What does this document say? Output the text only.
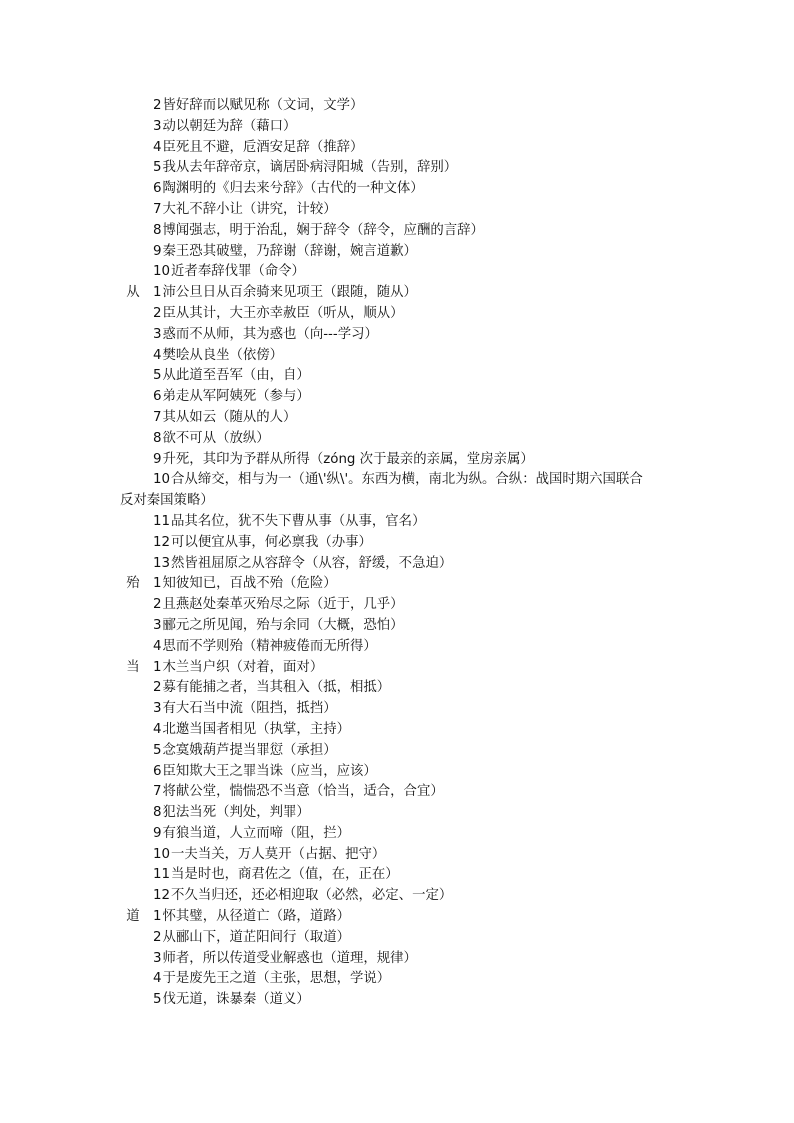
2皆好辞而以赋见称（文词，文学）
3动以朝廷为辞（藉口）
4臣死且不避，卮酒安足辞（推辞）
5我从去年辞帝京，谪居卧病浔阳城（告别，辞别）
6陶渊明的《归去来兮辞》（古代的一种文体）
7大礼不辞小让（讲究，计较）
8博闻强志，明于治乱，娴于辞令（辞令，应酬的言辞）
9秦王恐其破璧，乃辞谢（辞谢，婉言道歉）
10近者奉辞伐罪（命令）
从 1沛公旦日从百余骑来见项王（跟随，随从）
2臣从其计，大王亦幸赦臣（听从，顺从）
3惑而不从师，其为惑也（向---学习）
4樊哙从良坐（依傍）
5从此道至吾军（由，自）
6弟走从军阿姨死（参与）
7其从如云（随从的人）
8欲不可从（放纵）
9升死，其印为予群从所得（zóng 次于最亲的亲属，堂房亲属）
10合从缔交，相与为一（通\'纵\'。东西为横，南北为纵。合纵：战国时期六国联合
反对秦国策略）
11品其名位，犹不失下曹从事（从事，官名）
12可以便宜从事，何必禀我（办事）
13然皆祖屈原之从容辞令（从容，舒缓，不急迫）
殆 1知彼知已，百战不殆（危险）
2且燕赵处秦革灭殆尽之际（近于，几乎）
3郦元之所见闻，殆与余同（大概，恐怕）
4思而不学则殆（精神疲倦而无所得）
当 1木兰当户织（对着，面对）
2募有能捕之者，当其租入（抵，相抵）
3有大石当中流（阻挡，抵挡）
4北邀当国者相见（执掌，主持）
5念寞娥葫芦提当罪愆（承担）
6臣知欺大王之罪当诛（应当，应该）
7将献公堂，惴惴恐不当意（恰当，适合，合宜）
8犯法当死（判处，判罪）
9有狼当道，人立而啼（阻，拦）
10一夫当关，万人莫开（占据、把守）
11当是时也，商君佐之（值，在，正在）
12不久当归还，还必相迎取（必然，必定、一定）
道 1怀其璧，从径道亡（路，道路）
2从郦山下，道芷阳间行（取道）
3师者，所以传道受业解惑也（道理，规律）
4于是废先王之道（主张，思想，学说）
5伐无道，诛暴秦（道义）
